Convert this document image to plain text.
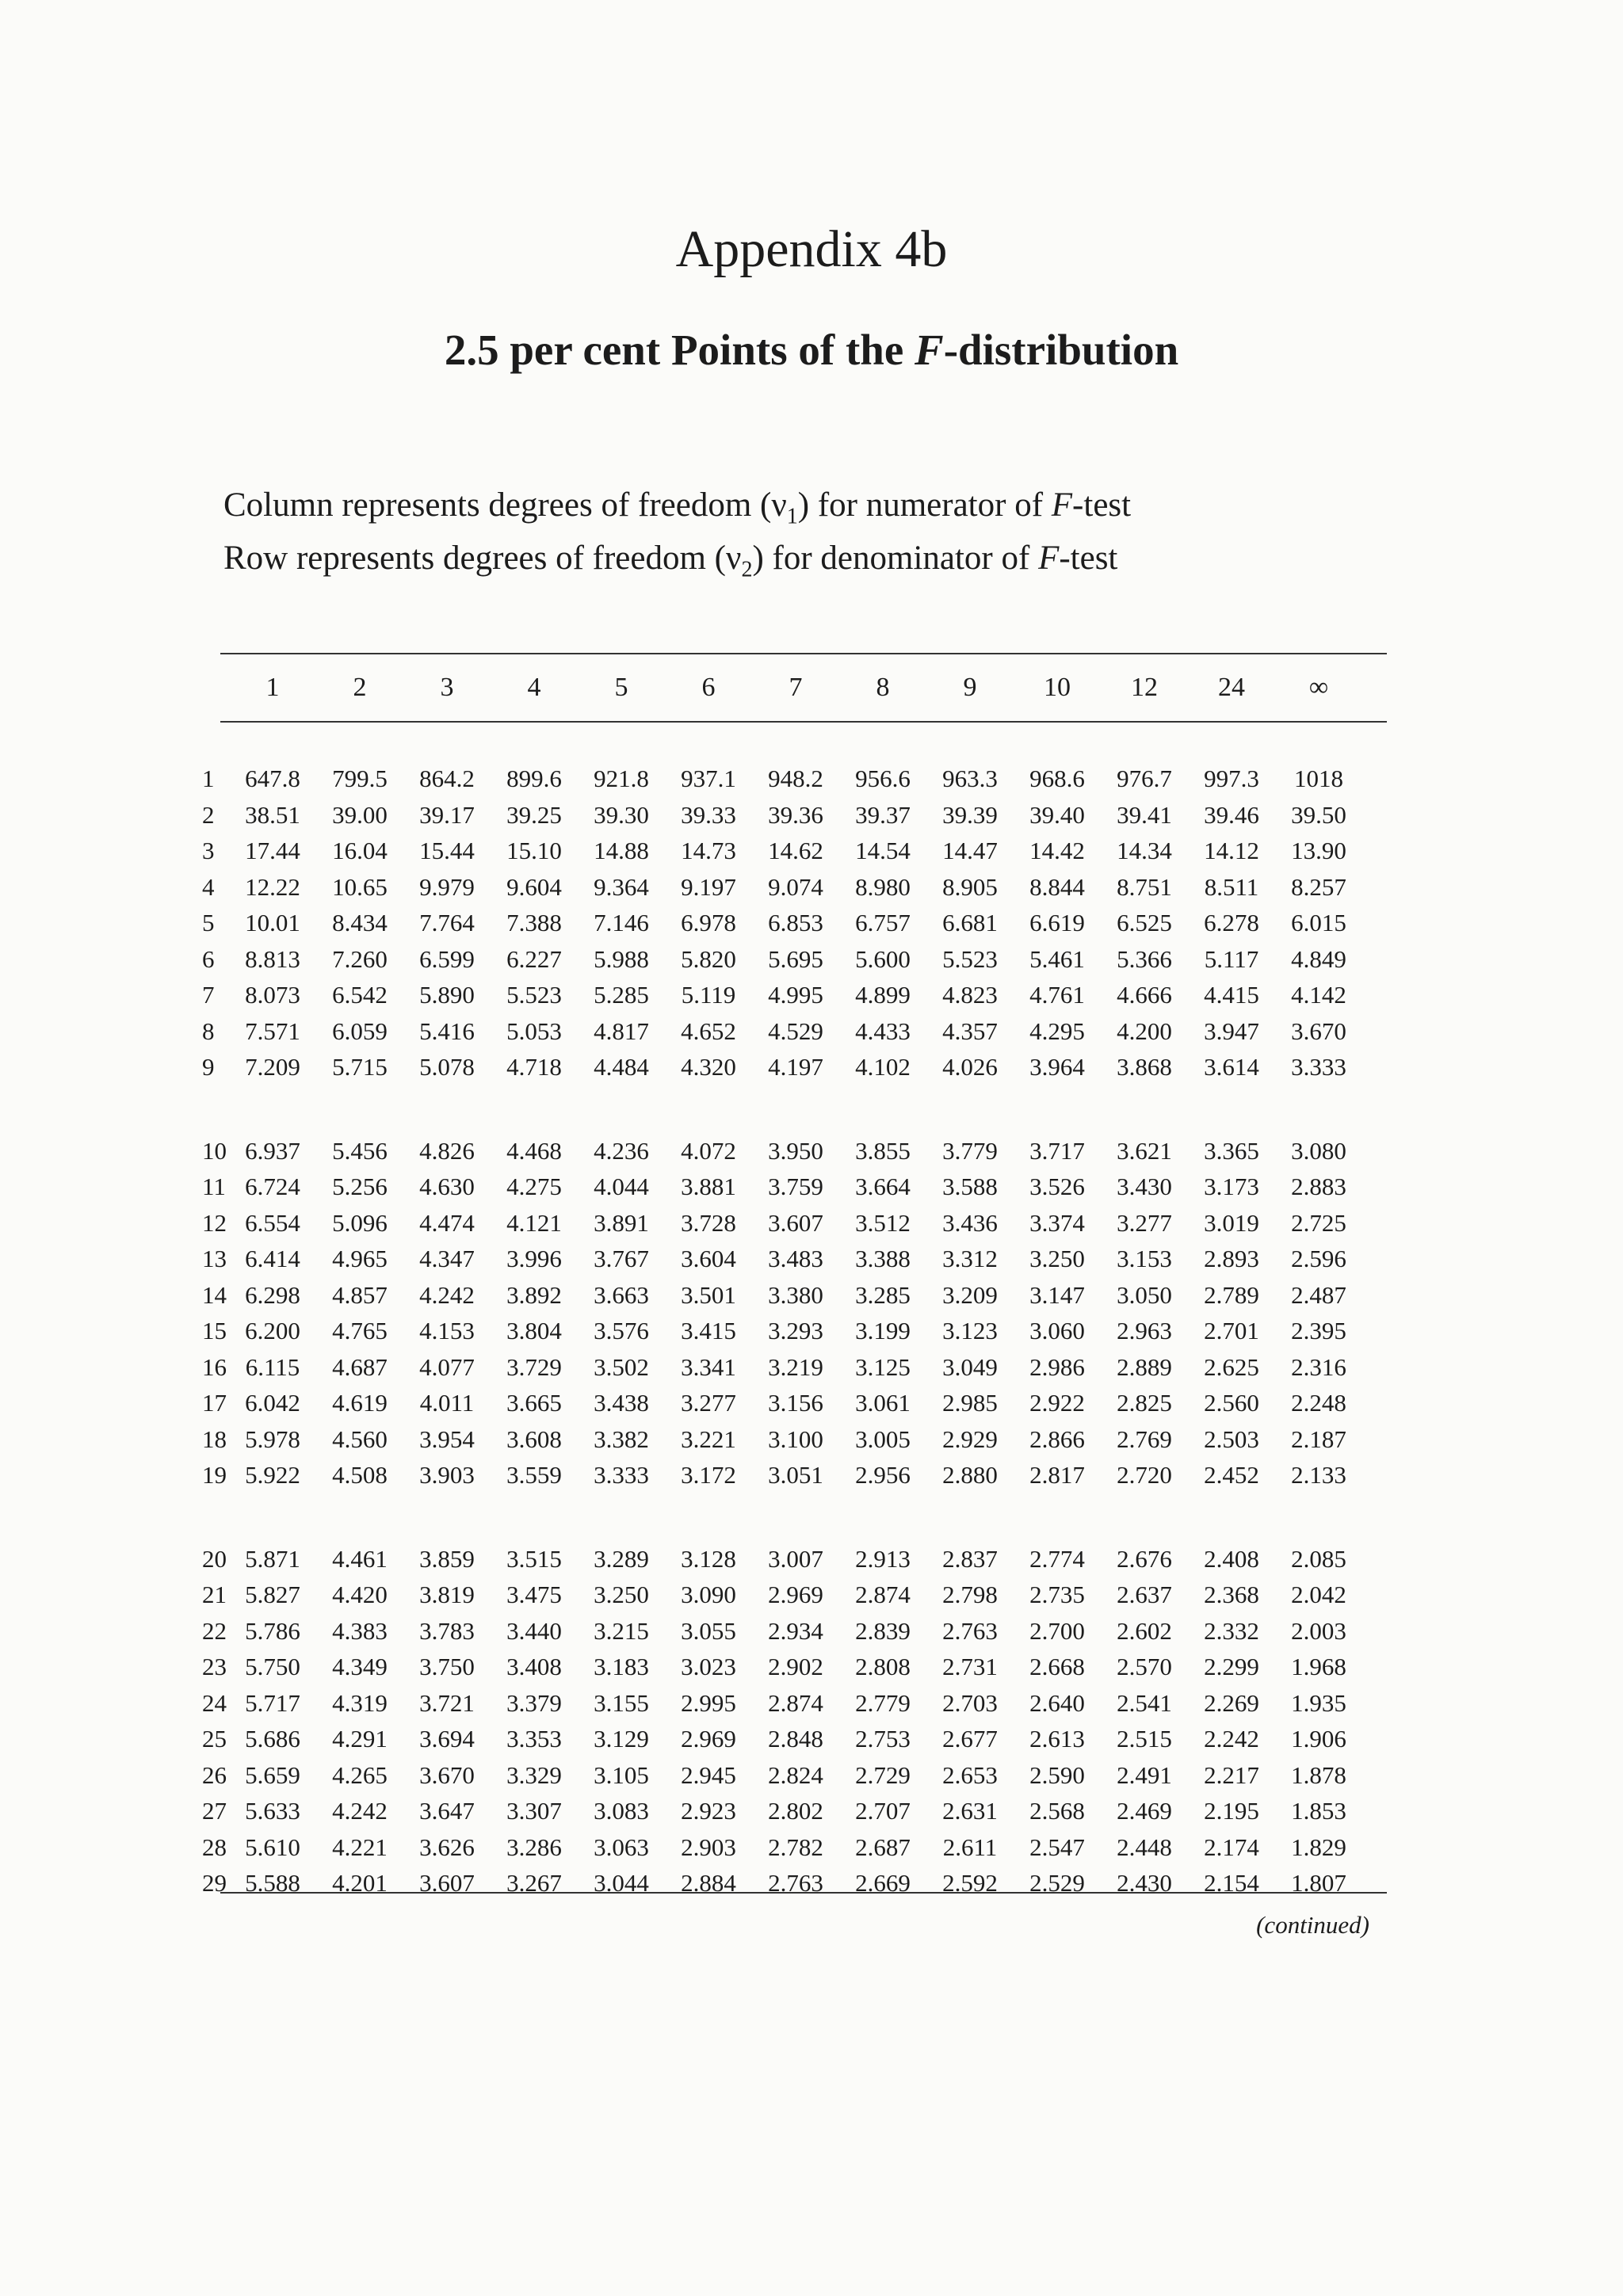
Appendix 4b
2.5 per cent Points of the F-distribution
Column represents degrees of freedom $(\nu_1)$ for numerator of F-test
Row represents degrees of freedom $(\nu_2)$ for denominator of F-test
	1	2	3	4	5	6	7	8	9	10	12	24	∞

1	647.8	799.5	864.2	899.6	921.8	937.1	948.2	956.6	963.3	968.6	976.7	997.3	1018
2	38.51	39.00	39.17	39.25	39.30	39.33	39.36	39.37	39.39	39.40	39.41	39.46	39.50
3	17.44	16.04	15.44	15.10	14.88	14.73	14.62	14.54	14.47	14.42	14.34	14.12	13.90
4	12.22	10.65	9.979	9.604	9.364	9.197	9.074	8.980	8.905	8.844	8.751	8.511	8.257
5	10.01	8.434	7.764	7.388	7.146	6.978	6.853	6.757	6.681	6.619	6.525	6.278	6.015
6	8.813	7.260	6.599	6.227	5.988	5.820	5.695	5.600	5.523	5.461	5.366	5.117	4.849
7	8.073	6.542	5.890	5.523	5.285	5.119	4.995	4.899	4.823	4.761	4.666	4.415	4.142
8	7.571	6.059	5.416	5.053	4.817	4.652	4.529	4.433	4.357	4.295	4.200	3.947	3.670
9	7.209	5.715	5.078	4.718	4.484	4.320	4.197	4.102	4.026	3.964	3.868	3.614	3.333

10	6.937	5.456	4.826	4.468	4.236	4.072	3.950	3.855	3.779	3.717	3.621	3.365	3.080
11	6.724	5.256	4.630	4.275	4.044	3.881	3.759	3.664	3.588	3.526	3.430	3.173	2.883
12	6.554	5.096	4.474	4.121	3.891	3.728	3.607	3.512	3.436	3.374	3.277	3.019	2.725
13	6.414	4.965	4.347	3.996	3.767	3.604	3.483	3.388	3.312	3.250	3.153	2.893	2.596
14	6.298	4.857	4.242	3.892	3.663	3.501	3.380	3.285	3.209	3.147	3.050	2.789	2.487
15	6.200	4.765	4.153	3.804	3.576	3.415	3.293	3.199	3.123	3.060	2.963	2.701	2.395
16	6.115	4.687	4.077	3.729	3.502	3.341	3.219	3.125	3.049	2.986	2.889	2.625	2.316
17	6.042	4.619	4.011	3.665	3.438	3.277	3.156	3.061	2.985	2.922	2.825	2.560	2.248
18	5.978	4.560	3.954	3.608	3.382	3.221	3.100	3.005	2.929	2.866	2.769	2.503	2.187
19	5.922	4.508	3.903	3.559	3.333	3.172	3.051	2.956	2.880	2.817	2.720	2.452	2.133

20	5.871	4.461	3.859	3.515	3.289	3.128	3.007	2.913	2.837	2.774	2.676	2.408	2.085
21	5.827	4.420	3.819	3.475	3.250	3.090	2.969	2.874	2.798	2.735	2.637	2.368	2.042
22	5.786	4.383	3.783	3.440	3.215	3.055	2.934	2.839	2.763	2.700	2.602	2.332	2.003
23	5.750	4.349	3.750	3.408	3.183	3.023	2.902	2.808	2.731	2.668	2.570	2.299	1.968
24	5.717	4.319	3.721	3.379	3.155	2.995	2.874	2.779	2.703	2.640	2.541	2.269	1.935
25	5.686	4.291	3.694	3.353	3.129	2.969	2.848	2.753	2.677	2.613	2.515	2.242	1.906
26	5.659	4.265	3.670	3.329	3.105	2.945	2.824	2.729	2.653	2.590	2.491	2.217	1.878
27	5.633	4.242	3.647	3.307	3.083	2.923	2.802	2.707	2.631	2.568	2.469	2.195	1.853
28	5.610	4.221	3.626	3.286	3.063	2.903	2.782	2.687	2.611	2.547	2.448	2.174	1.829
29	5.588	4.201	3.607	3.267	3.044	2.884	2.763	2.669	2.592	2.529	2.430	2.154	1.807
(continued)
